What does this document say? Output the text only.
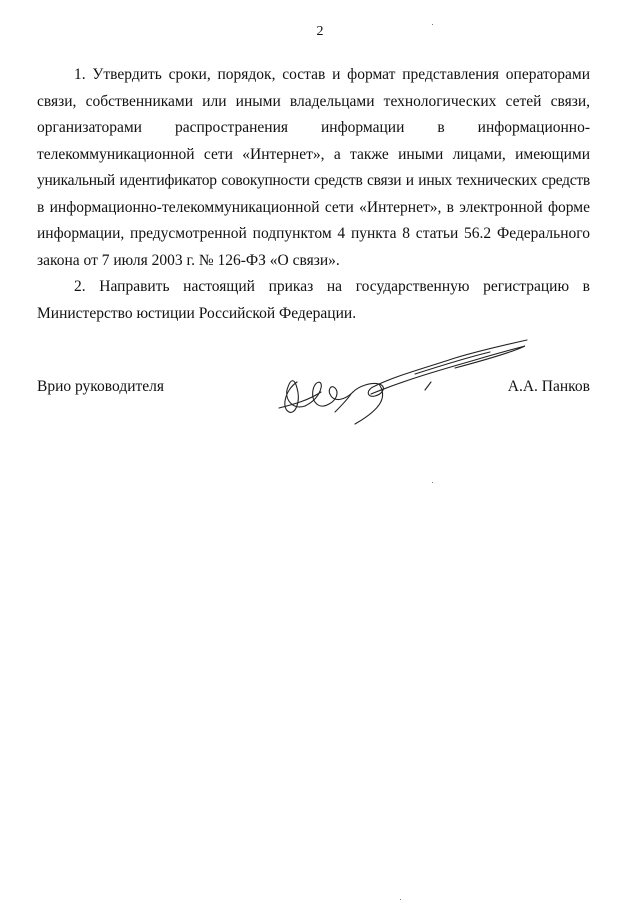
2

1. Утвердить сроки, порядок, состав и формат представления операторами
связи, собственниками или иными владельцами технологических сетей связи,
организаторами распространения информации в информационно-
телекоммуникационной сети «Интернет», а также иными лицами, имеющими
уникальный идентификатор совокупности средств связи и иных технических средств
в информационно-телекоммуникационной сети «Интернет», в электронной форме
информации, предусмотренной подпунктом 4 пункта 8 статьи 56.2 Федерального
закона от 7 июля 2003 г. № 126-ФЗ «О связи».

2. Направить настоящий приказ на государственную регистрацию в
Министерство юстиции Российской Федерации.

Врио руководителя	А.А. Панков
